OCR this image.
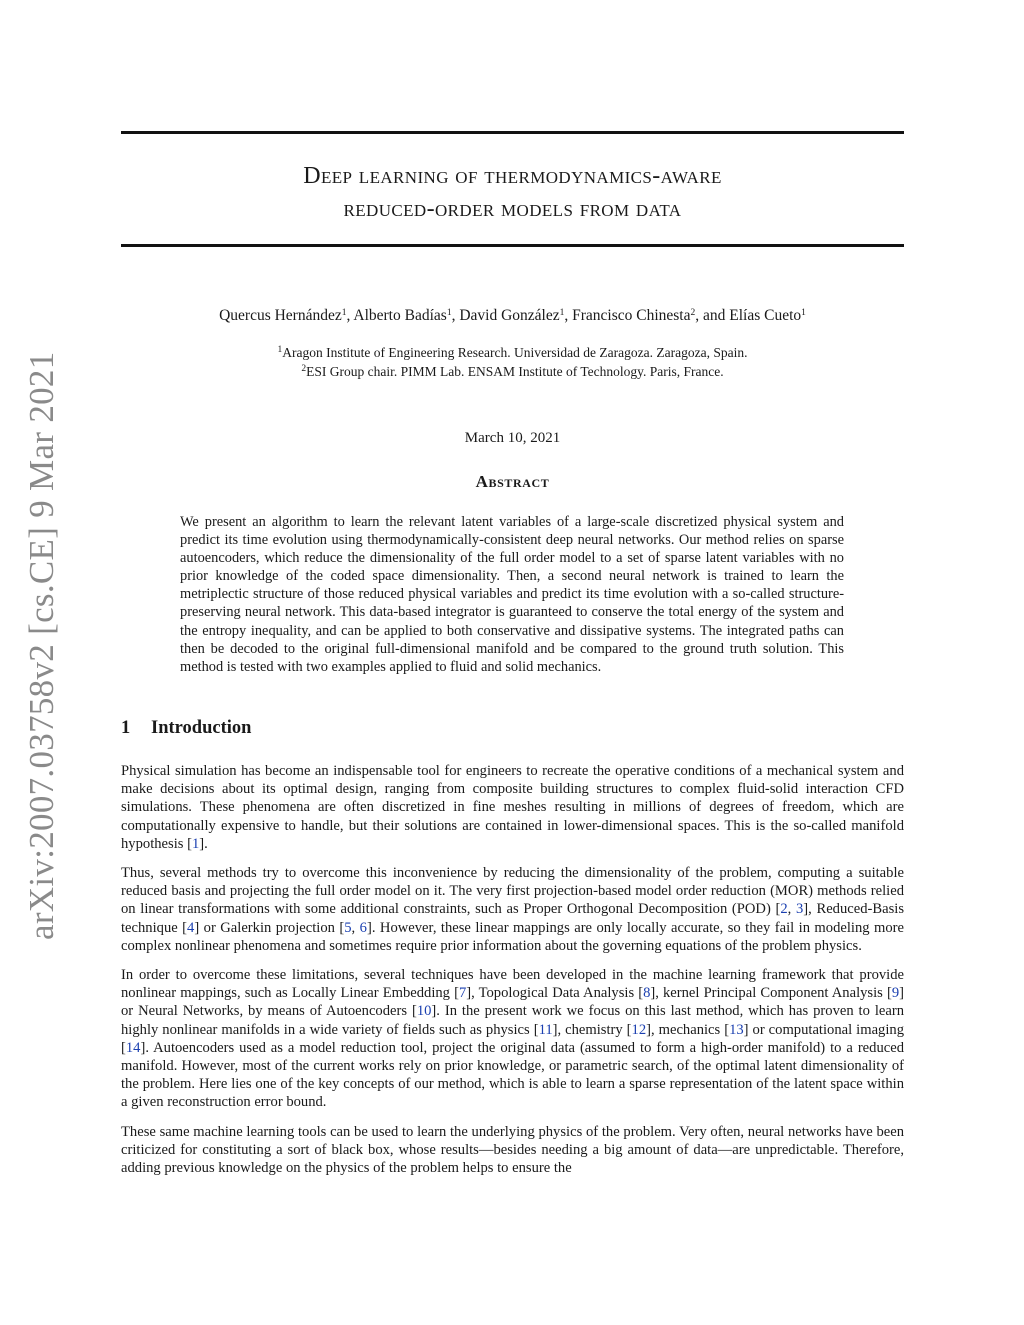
arXiv:2007.03758v2 [cs.CE] 9 Mar 2021
Deep learning of thermodynamics-aware
reduced-order models from data
Quercus Hernández$^1$, Alberto Badías$^1$, David González$^1$, Francisco Chinesta$^2$, and Elías Cueto$^1$
$^1$Aragon Institute of Engineering Research. Universidad de Zaragoza. Zaragoza, Spain.
$^2$ESI Group chair. PIMM Lab. ENSAM Institute of Technology. Paris, France.
March 10, 2021
Abstract
We present an algorithm to learn the relevant latent variables of a large-scale discretized physical system and predict its time evolution using thermodynamically-consistent deep neural networks. Our method relies on sparse autoencoders, which reduce the dimensionality of the full order model to a set of sparse latent variables with no prior knowledge of the coded space dimensionality. Then, a second neural network is trained to learn the metriplectic structure of those reduced physical variables and predict its time evolution with a so-called structure-preserving neural network. This data-based integrator is guaranteed to conserve the total energy of the system and the entropy inequality, and can be applied to both conservative and dissipative systems. The integrated paths can then be decoded to the original full-dimensional manifold and be compared to the ground truth solution. This method is tested with two examples applied to fluid and solid mechanics.
1 Introduction

Physical simulation has become an indispensable tool for engineers to recreate the operative conditions of a mechanical system and make decisions about its optimal design, ranging from composite building structures to complex fluid-solid interaction CFD simulations. These phenomena are often discretized in fine meshes resulting in millions of degrees of freedom, which are computationally expensive to handle, but their solutions are contained in lower-dimensional spaces. This is the so-called manifold hypothesis [1].

Thus, several methods try to overcome this inconvenience by reducing the dimensionality of the problem, computing a suitable reduced basis and projecting the full order model on it. The very first projection-based model order reduction (MOR) methods relied on linear transformations with some additional constraints, such as Proper Orthogonal Decomposition (POD) [2, 3], Reduced-Basis technique [4] or Galerkin projection [5, 6]. However, these linear mappings are only locally accurate, so they fail in modeling more complex nonlinear phenomena and sometimes require prior information about the governing equations of the problem physics.

In order to overcome these limitations, several techniques have been developed in the machine learning framework that provide nonlinear mappings, such as Locally Linear Embedding [7], Topological Data Analysis [8], kernel Principal Component Analysis [9] or Neural Networks, by means of Autoencoders [10]. In the present work we focus on this last method, which has proven to learn highly nonlinear manifolds in a wide variety of fields such as physics [11], chemistry [12], mechanics [13] or computational imaging [14]. Autoencoders used as a model reduction tool, project the original data (assumed to form a high-order manifold) to a reduced manifold. However, most of the current works rely on prior knowledge, or parametric search, of the optimal latent dimensionality of the problem. Here lies one of the key concepts of our method, which is able to learn a sparse representation of the latent space within a given reconstruction error bound.

These same machine learning tools can be used to learn the underlying physics of the problem. Very often, neural networks have been criticized for constituting a sort of black box, whose results—besides needing a big amount of data—are unpredictable. Therefore, adding previous knowledge on the physics of the problem helps to ensure the
